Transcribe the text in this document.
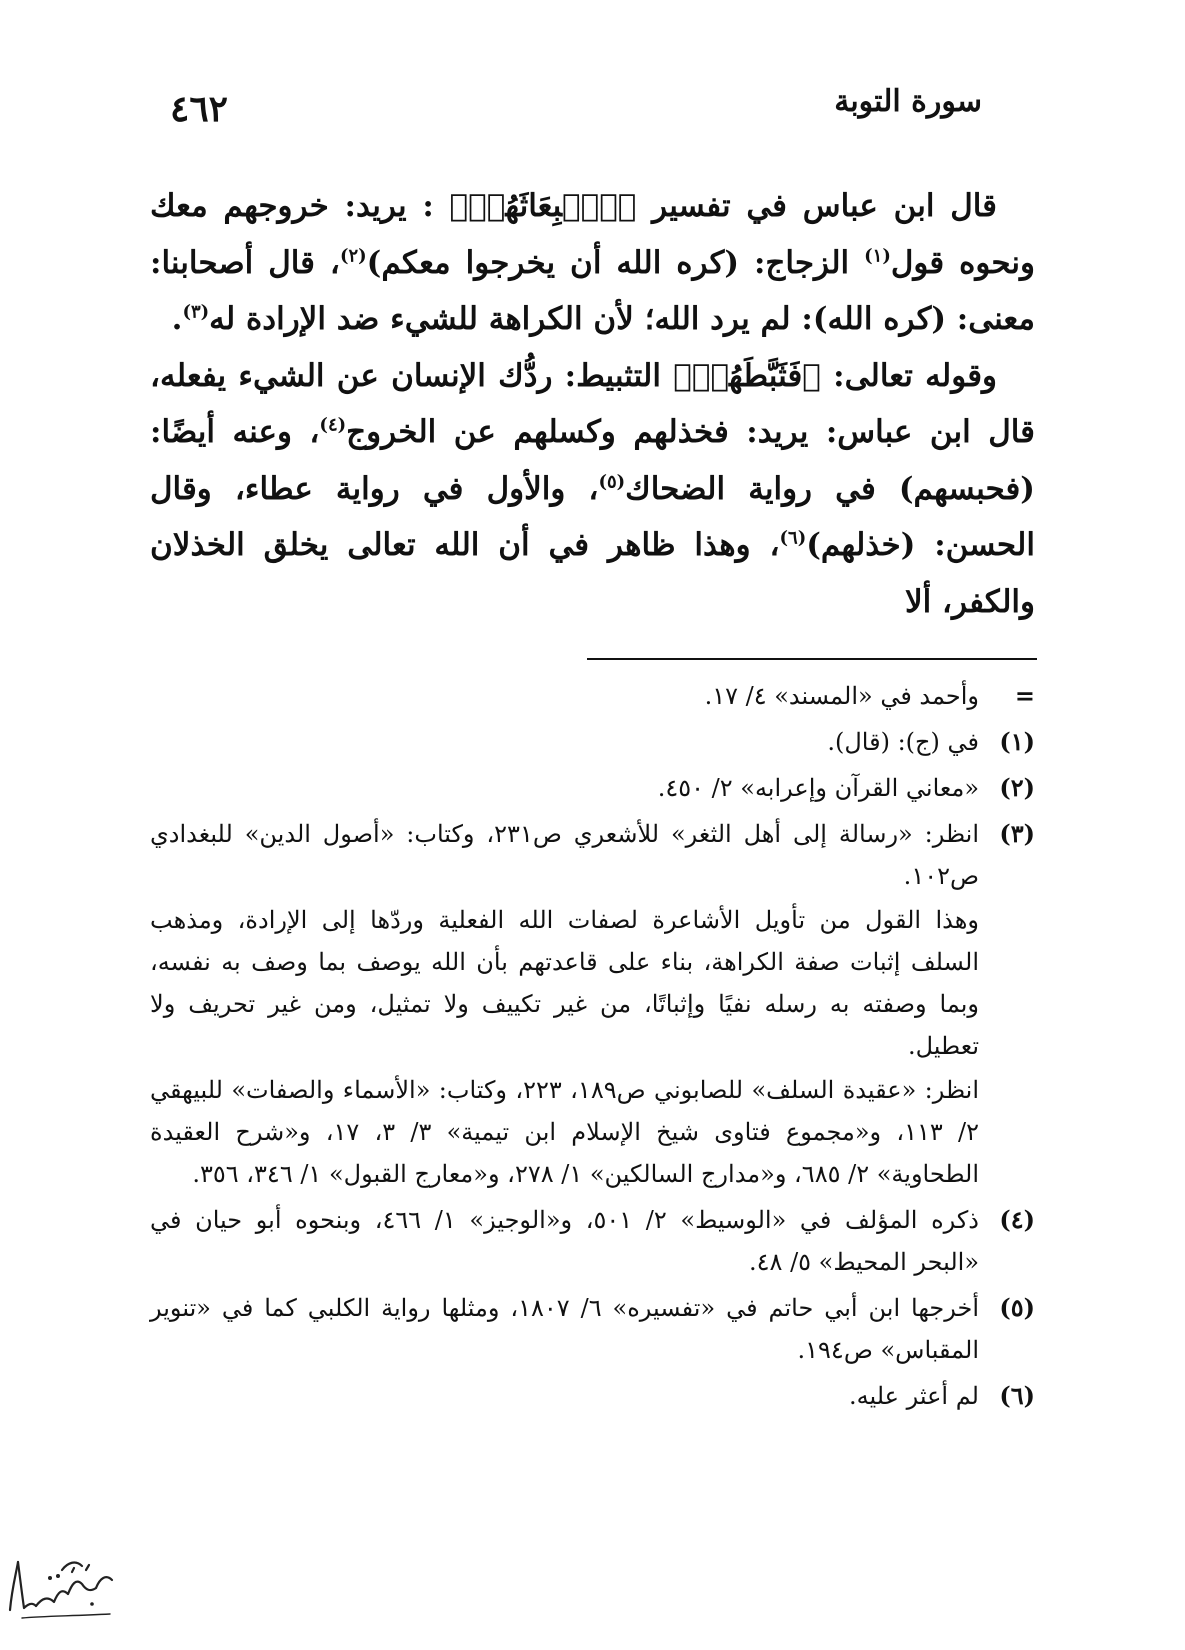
٤٦٢	سورة التوبة

قال ابن عباس في تفسير ﴿ٱنۢبِعَاثَهُمۡ﴾ : يريد: خروجهم معك ونحوه قول$^{(١)}$ الزجاج: (كره الله أن يخرجوا معكم)$^{(٢)}$، قال أصحابنا: معنى: (كره الله): لم يرد الله؛ لأن الكراهة للشيء ضد الإرادة له$^{(٣)}$.

وقوله تعالى: ﴿فَثَبَّطَهُمۡ﴾ التثبيط: ردُّك الإنسان عن الشيء يفعله، قال ابن عباس: يريد: فخذلهم وكسلهم عن الخروج$^{(٤)}$، وعنه أيضًا: (فحبسهم) في رواية الضحاك$^{(٥)}$، والأول في رواية عطاء، وقال الحسن: (خذلهم)$^{(٦)}$، وهذا ظاهر في أن الله تعالى يخلق الخذلان والكفر، ألا

=

وأحمد في «المسند» ٤/ ١٧.

(١)

في (ج): (قال).

(٢)

«معاني القرآن وإعرابه» ٢/ ٤٥٠.

(٣)

انظر: «رسالة إلى أهل الثغر» للأشعري ص٢٣١، وكتاب: «أصول الدين» للبغدادي ص١٠٢.

وهذا القول من تأويل الأشاعرة لصفات الله الفعلية وردّها إلى الإرادة، ومذهب السلف إثبات صفة الكراهة، بناء على قاعدتهم بأن الله يوصف بما وصف به نفسه، وبما وصفته به رسله نفيًا وإثباتًا، من غير تكييف ولا تمثيل، ومن غير تحريف ولا تعطيل.

انظر: «عقيدة السلف» للصابوني ص١٨٩، ٢٢٣، وكتاب: «الأسماء والصفات» للبيهقي ٢/ ١١٣، و«مجموع فتاوى شيخ الإسلام ابن تيمية» ٣/ ٣، ١٧، و«شرح العقيدة الطحاوية» ٢/ ٦٨٥، و«مدارج السالكين» ١/ ٢٧٨، و«معارج القبول» ١/ ٣٤٦، ٣٥٦.

(٤)

ذكره المؤلف في «الوسيط» ٢/ ٥٠١، و«الوجيز» ١/ ٤٦٦، وبنحوه أبو حيان في «البحر المحيط» ٥/ ٤٨.

(٥)

أخرجها ابن أبي حاتم في «تفسيره» ٦/ ١٨٠٧، ومثلها رواية الكلبي كما في «تنوير المقباس» ص١٩٤.

(٦)

لم أعثر عليه.
